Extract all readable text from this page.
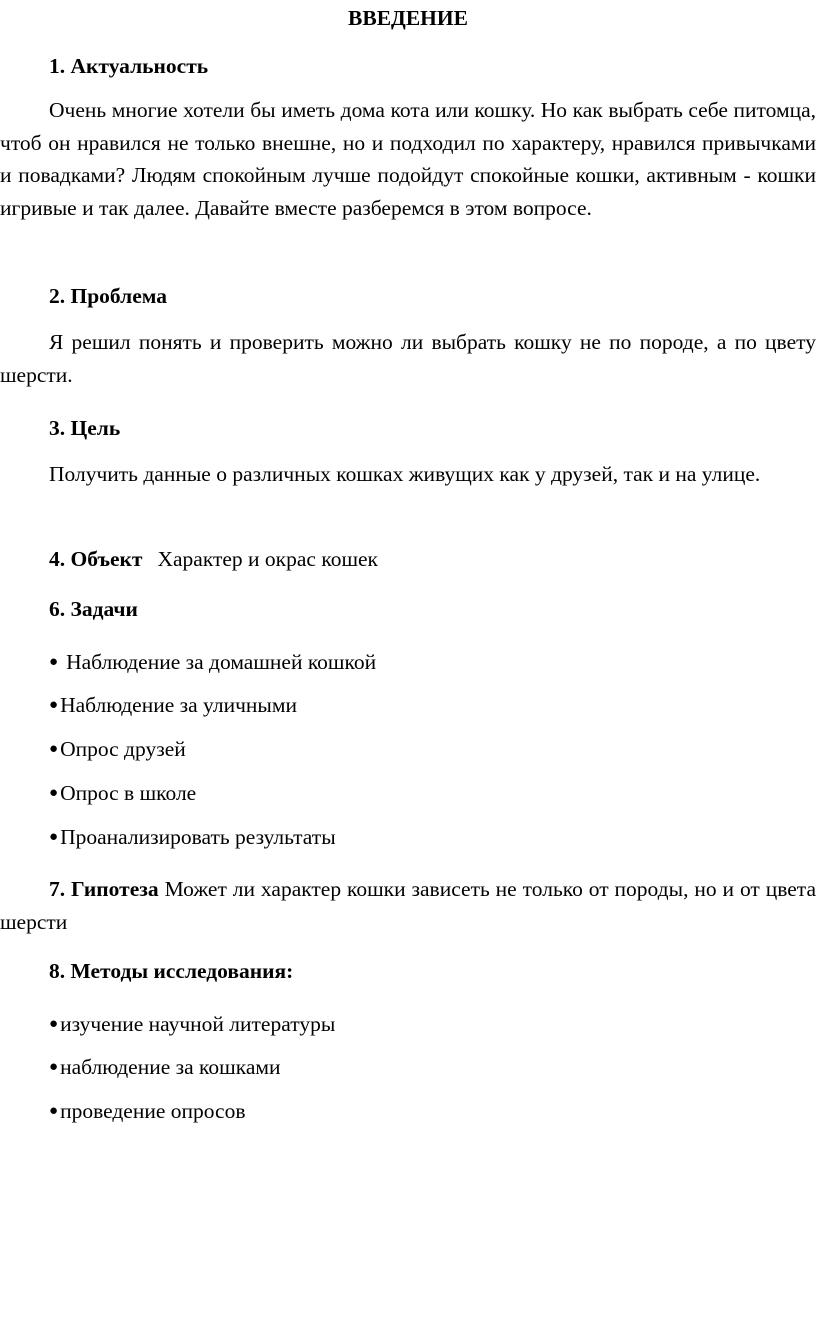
ВВЕДЕНИЕ
1. Актуальность
Очень многие хотели бы иметь дома кота или кошку. Но как выбрать себе питомца, чтоб он нравился не только внешне, но и подходил по характеру, нравился привычками и повадками? Людям спокойным лучше подойдут спокойные кошки, активным - кошки игривые и так далее. Давайте вместе разберемся в этом вопросе.
2. Проблема
Я решил понять и проверить можно ли выбрать кошку не по породе, а по цвету шерсти.
3. Цель
Получить данные о различных кошках живущих как у друзей, так и на улице.
4. Объект Характер и окрас кошек
6. Задачи
● Наблюдение за домашней кошкой
●Наблюдение за уличными
●Опрос друзей
●Опрос в школе
●Проанализировать результаты
7. Гипотеза Может ли характер кошки зависеть не только от породы, но и от цвета шерсти
8. Методы исследования:
●изучение научной литературы
●наблюдение за кошками
●проведение опросов
